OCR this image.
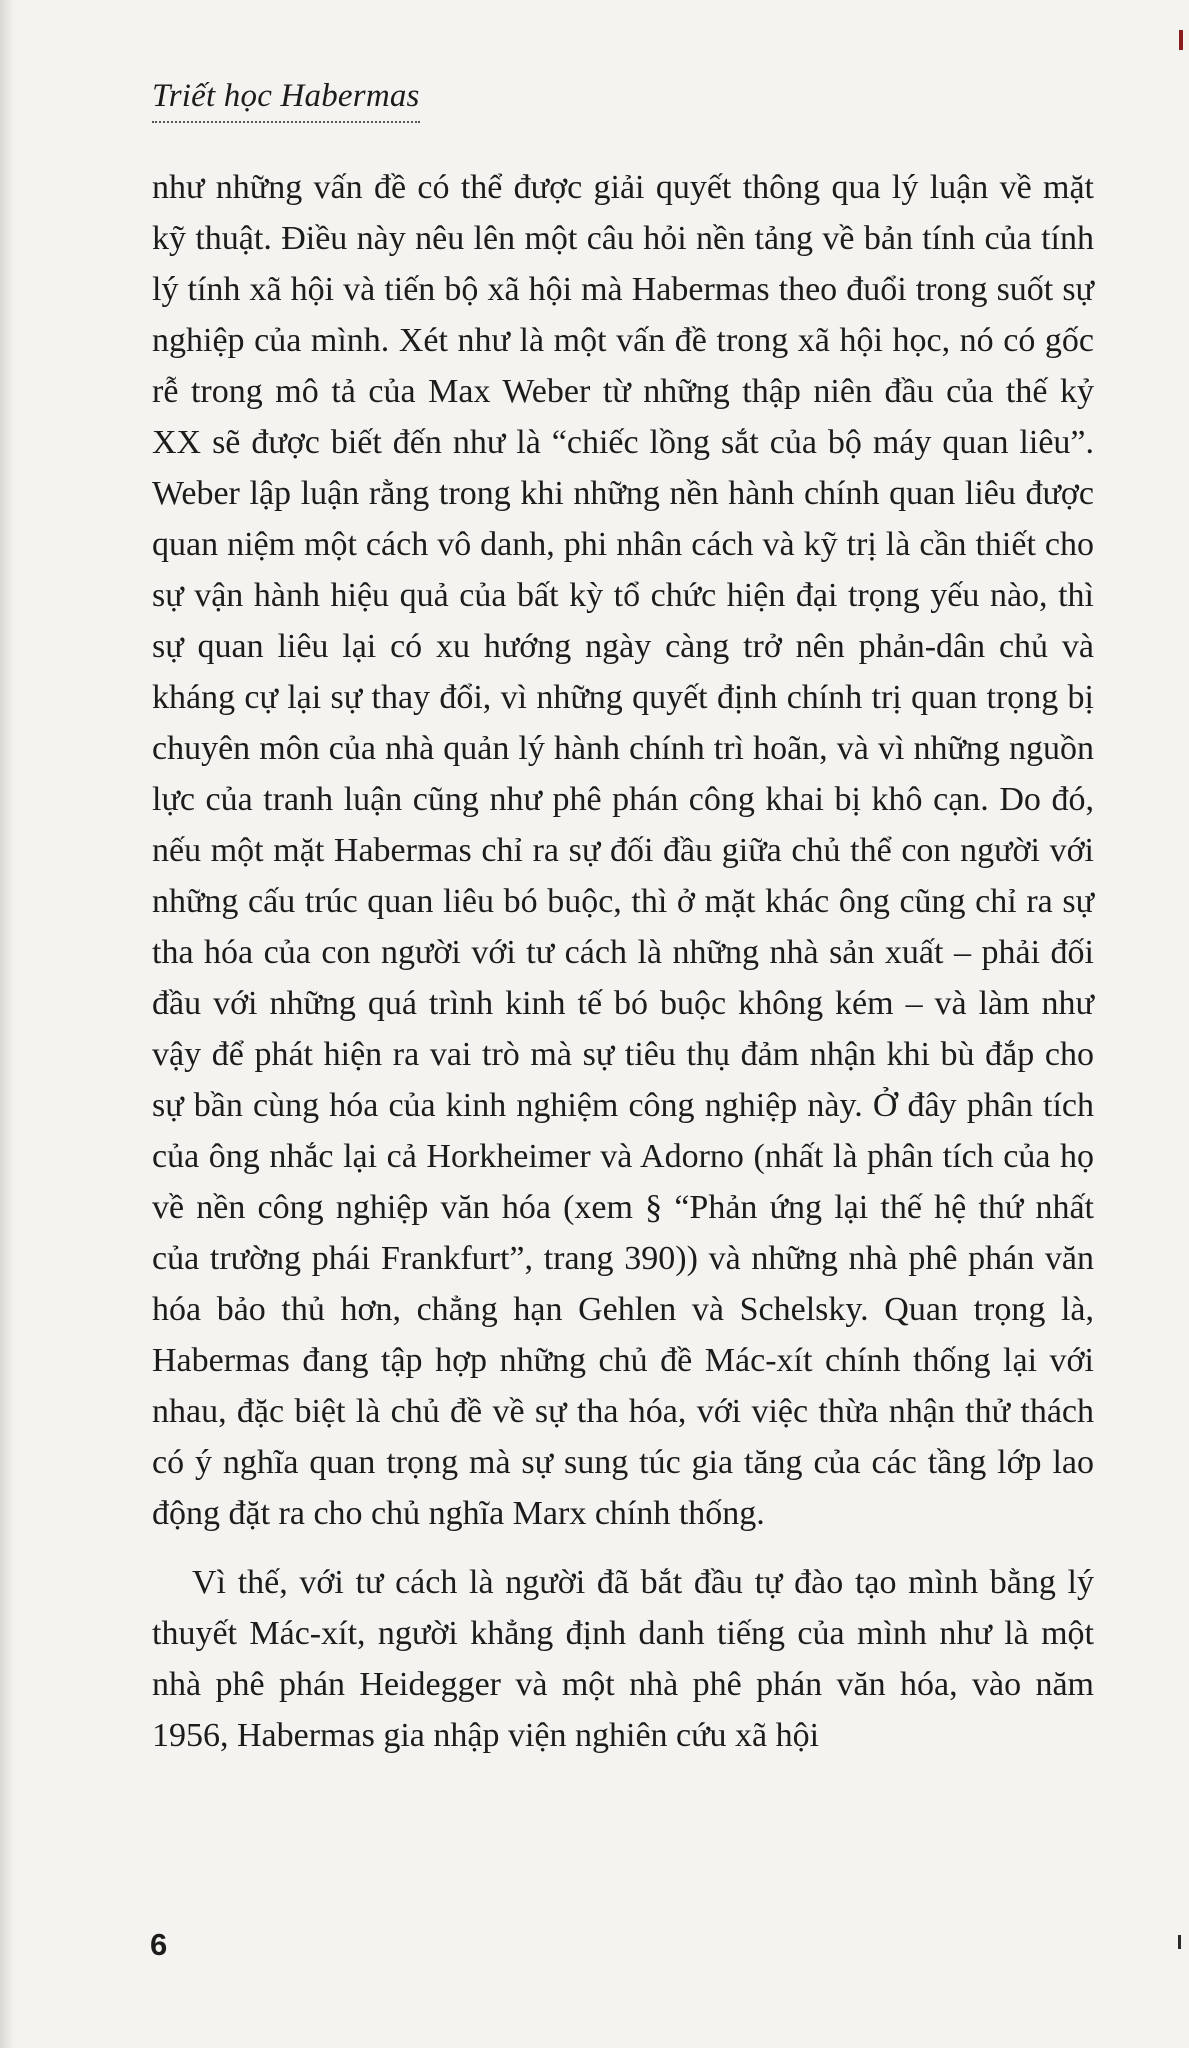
Triết học Habermas

như những vấn đề có thể được giải quyết thông qua lý luận về mặt kỹ thuật. Điều này nêu lên một câu hỏi nền tảng về bản tính của tính lý tính xã hội và tiến bộ xã hội mà Habermas theo đuổi trong suốt sự nghiệp của mình. Xét như là một vấn đề trong xã hội học, nó có gốc rễ trong mô tả của Max Weber từ những thập niên đầu của thế kỷ XX sẽ được biết đến như là “chiếc lồng sắt của bộ máy quan liêu”. Weber lập luận rằng trong khi những nền hành chính quan liêu được quan niệm một cách vô danh, phi nhân cách và kỹ trị là cần thiết cho sự vận hành hiệu quả của bất kỳ tổ chức hiện đại trọng yếu nào, thì sự quan liêu lại có xu hướng ngày càng trở nên phản-dân chủ và kháng cự lại sự thay đổi, vì những quyết định chính trị quan trọng bị chuyên môn của nhà quản lý hành chính trì hoãn, và vì những nguồn lực của tranh luận cũng như phê phán công khai bị khô cạn. Do đó, nếu một mặt Habermas chỉ ra sự đối đầu giữa chủ thể con người với những cấu trúc quan liêu bó buộc, thì ở mặt khác ông cũng chỉ ra sự tha hóa của con người với tư cách là những nhà sản xuất – phải đối đầu với những quá trình kinh tế bó buộc không kém – và làm như vậy để phát hiện ra vai trò mà sự tiêu thụ đảm nhận khi bù đắp cho sự bần cùng hóa của kinh nghiệm công nghiệp này. Ở đây phân tích của ông nhắc lại cả Horkheimer và Adorno (nhất là phân tích của họ về nền công nghiệp văn hóa (xem § “Phản ứng lại thế hệ thứ nhất của trường phái Frankfurt”, trang 390)) và những nhà phê phán văn hóa bảo thủ hơn, chẳng hạn Gehlen và Schelsky. Quan trọng là, Habermas đang tập hợp những chủ đề Mác-xít chính thống lại với nhau, đặc biệt là chủ đề về sự tha hóa, với việc thừa nhận thử thách có ý nghĩa quan trọng mà sự sung túc gia tăng của các tầng lớp lao động đặt ra cho chủ nghĩa Marx chính thống.

Vì thế, với tư cách là người đã bắt đầu tự đào tạo mình bằng lý thuyết Mác-xít, người khẳng định danh tiếng của mình như là một nhà phê phán Heidegger và một nhà phê phán văn hóa, vào năm 1956, Habermas gia nhập viện nghiên cứu xã hội

6
